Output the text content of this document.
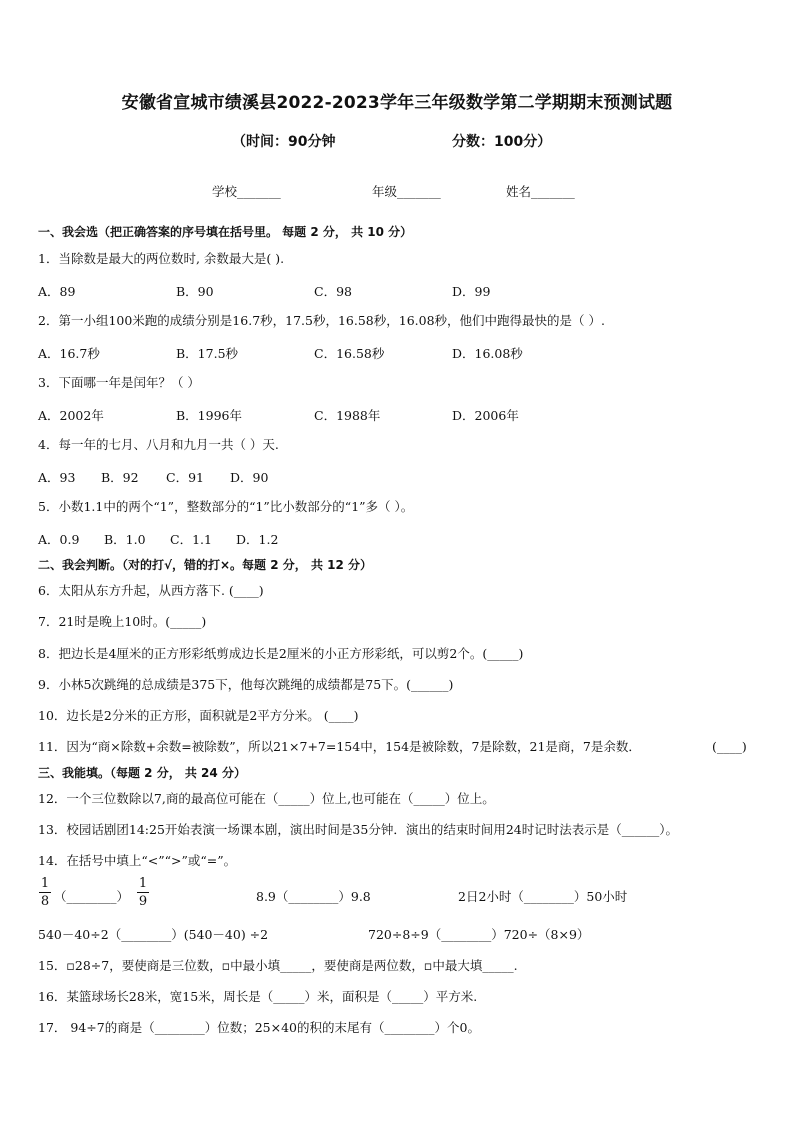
安徽省宣城市绩溪县2022-2023学年三年级数学第二学期期末预测试题
（时间：90分钟	分数：100分）
学校_______	年级_______	姓名_______
一、我会选（把正确答案的序号填在括号里。 每题 2 分， 共 10 分）
1．当除数是最大的两位数时, 余数最大是( ).
A．89	B．90	C．98	D．99
2．第一小组100米跑的成绩分别是16.7秒，17.5秒，16.58秒，16.08秒，他们中跑得最快的是（ ）.
A．16.7秒	B．17.5秒	C．16.58秒	D．16.08秒
3．下面哪一年是闰年？（ ）
A．2002年	B．1996年	C．1988年	D．2006年
4．每一年的七月、八月和九月一共（ ）天.
A．93 B．92 C．91 D．90
5．小数1.1中的两个“1”，整数部分的“1”比小数部分的“1”多（ ）。
A．0.9 B．1.0 C．1.1 D．1.2
二、我会判断。（对的打√，错的打×。每题 2 分， 共 12 分）
6．太阳从东方升起，从西方落下. (____)
7．21时是晚上10时。(_____)
8．把边长是4厘米的正方形彩纸剪成边长是2厘米的小正方形彩纸，可以剪2个。(_____)
9．小林5次跳绳的总成绩是375下，他每次跳绳的成绩都是75下。(______)
10．边长是2分米的正方形，面积就是2平方分米。 (____)
11．因为“商×除数+余数=被除数”，所以21×7+7=154中，154是被除数，7是除数，21是商，7是余数．	(____)
三、我能填。（每题 2 分， 共 24 分）
12．一个三位数除以7,商的最高位可能在（_____）位上,也可能在（_____）位上。
13．校园话剧团14:25开始表演一场课本剧，演出时间是35分钟．演出的结束时间用24时记时法表示是（______）。
14．在括号中填上“<”“>”或“=”。
1
8 （________）
1
9	8.9（________）9.8	2日2小时（________）50小时
540－40÷2（________）(540－40) ÷2	720÷8÷9（________）720÷（8×9）
15．▫28÷7，要使商是三位数，▫中最小填_____，要使商是两位数，▫中最大填_____.
16．某篮球场长28米，宽15米，周长是（_____）米，面积是（_____）平方米.
17． 94÷7的商是（________）位数；25×40的积的末尾有（________）个0。
